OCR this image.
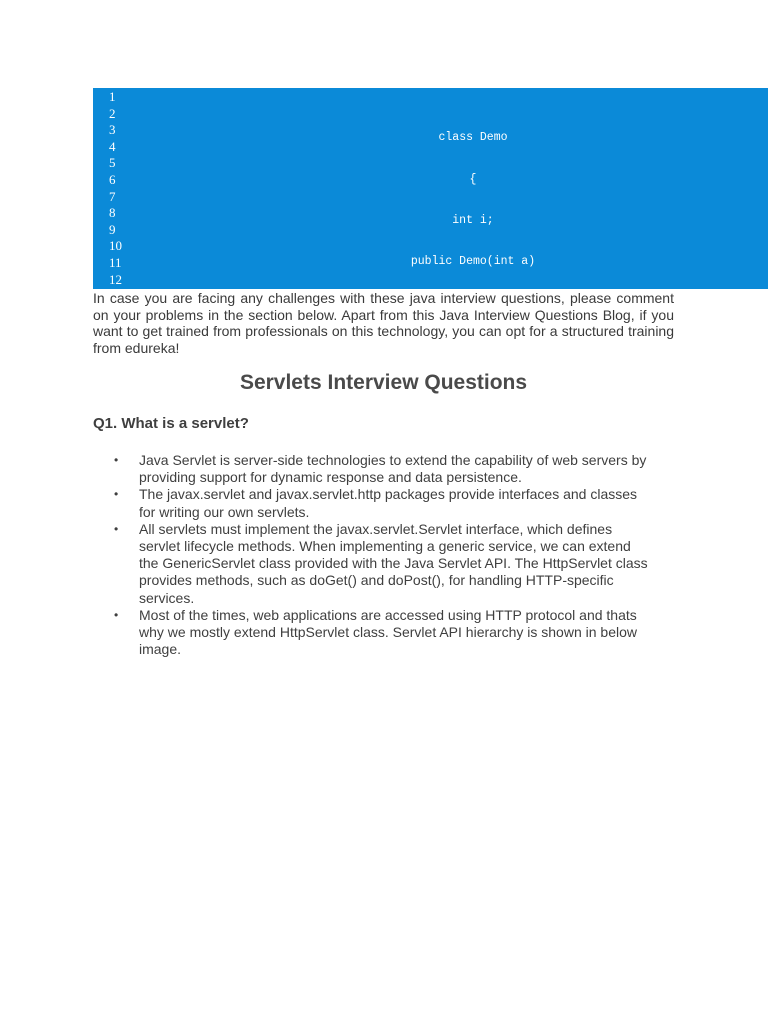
1
2
3
4
5
6
7
8
9
10
11
12

class Demo

{

int i;

public Demo(int a)

In case you are facing any challenges with these java interview questions, please comment on your problems in the section below. Apart from this Java Interview Questions Blog, if you want to get trained from professionals on this technology, you can opt for a structured training from edureka!

Servlets Interview Questions
Q1. What is a servlet?
• Java Servlet is server-side technologies to extend the capability of web servers by providing support for dynamic response and data persistence.
• The javax.servlet and javax.servlet.http packages provide interfaces and classes for writing our own servlets.
• All servlets must implement the javax.servlet.Servlet interface, which defines servlet lifecycle methods. When implementing a generic service, we can extend the GenericServlet class provided with the Java Servlet API. The HttpServlet class provides methods, such as doGet() and doPost(), for handling HTTP-specific services.
• Most of the times, web applications are accessed using HTTP protocol and thats why we mostly extend HttpServlet class. Servlet API hierarchy is shown in below image.
